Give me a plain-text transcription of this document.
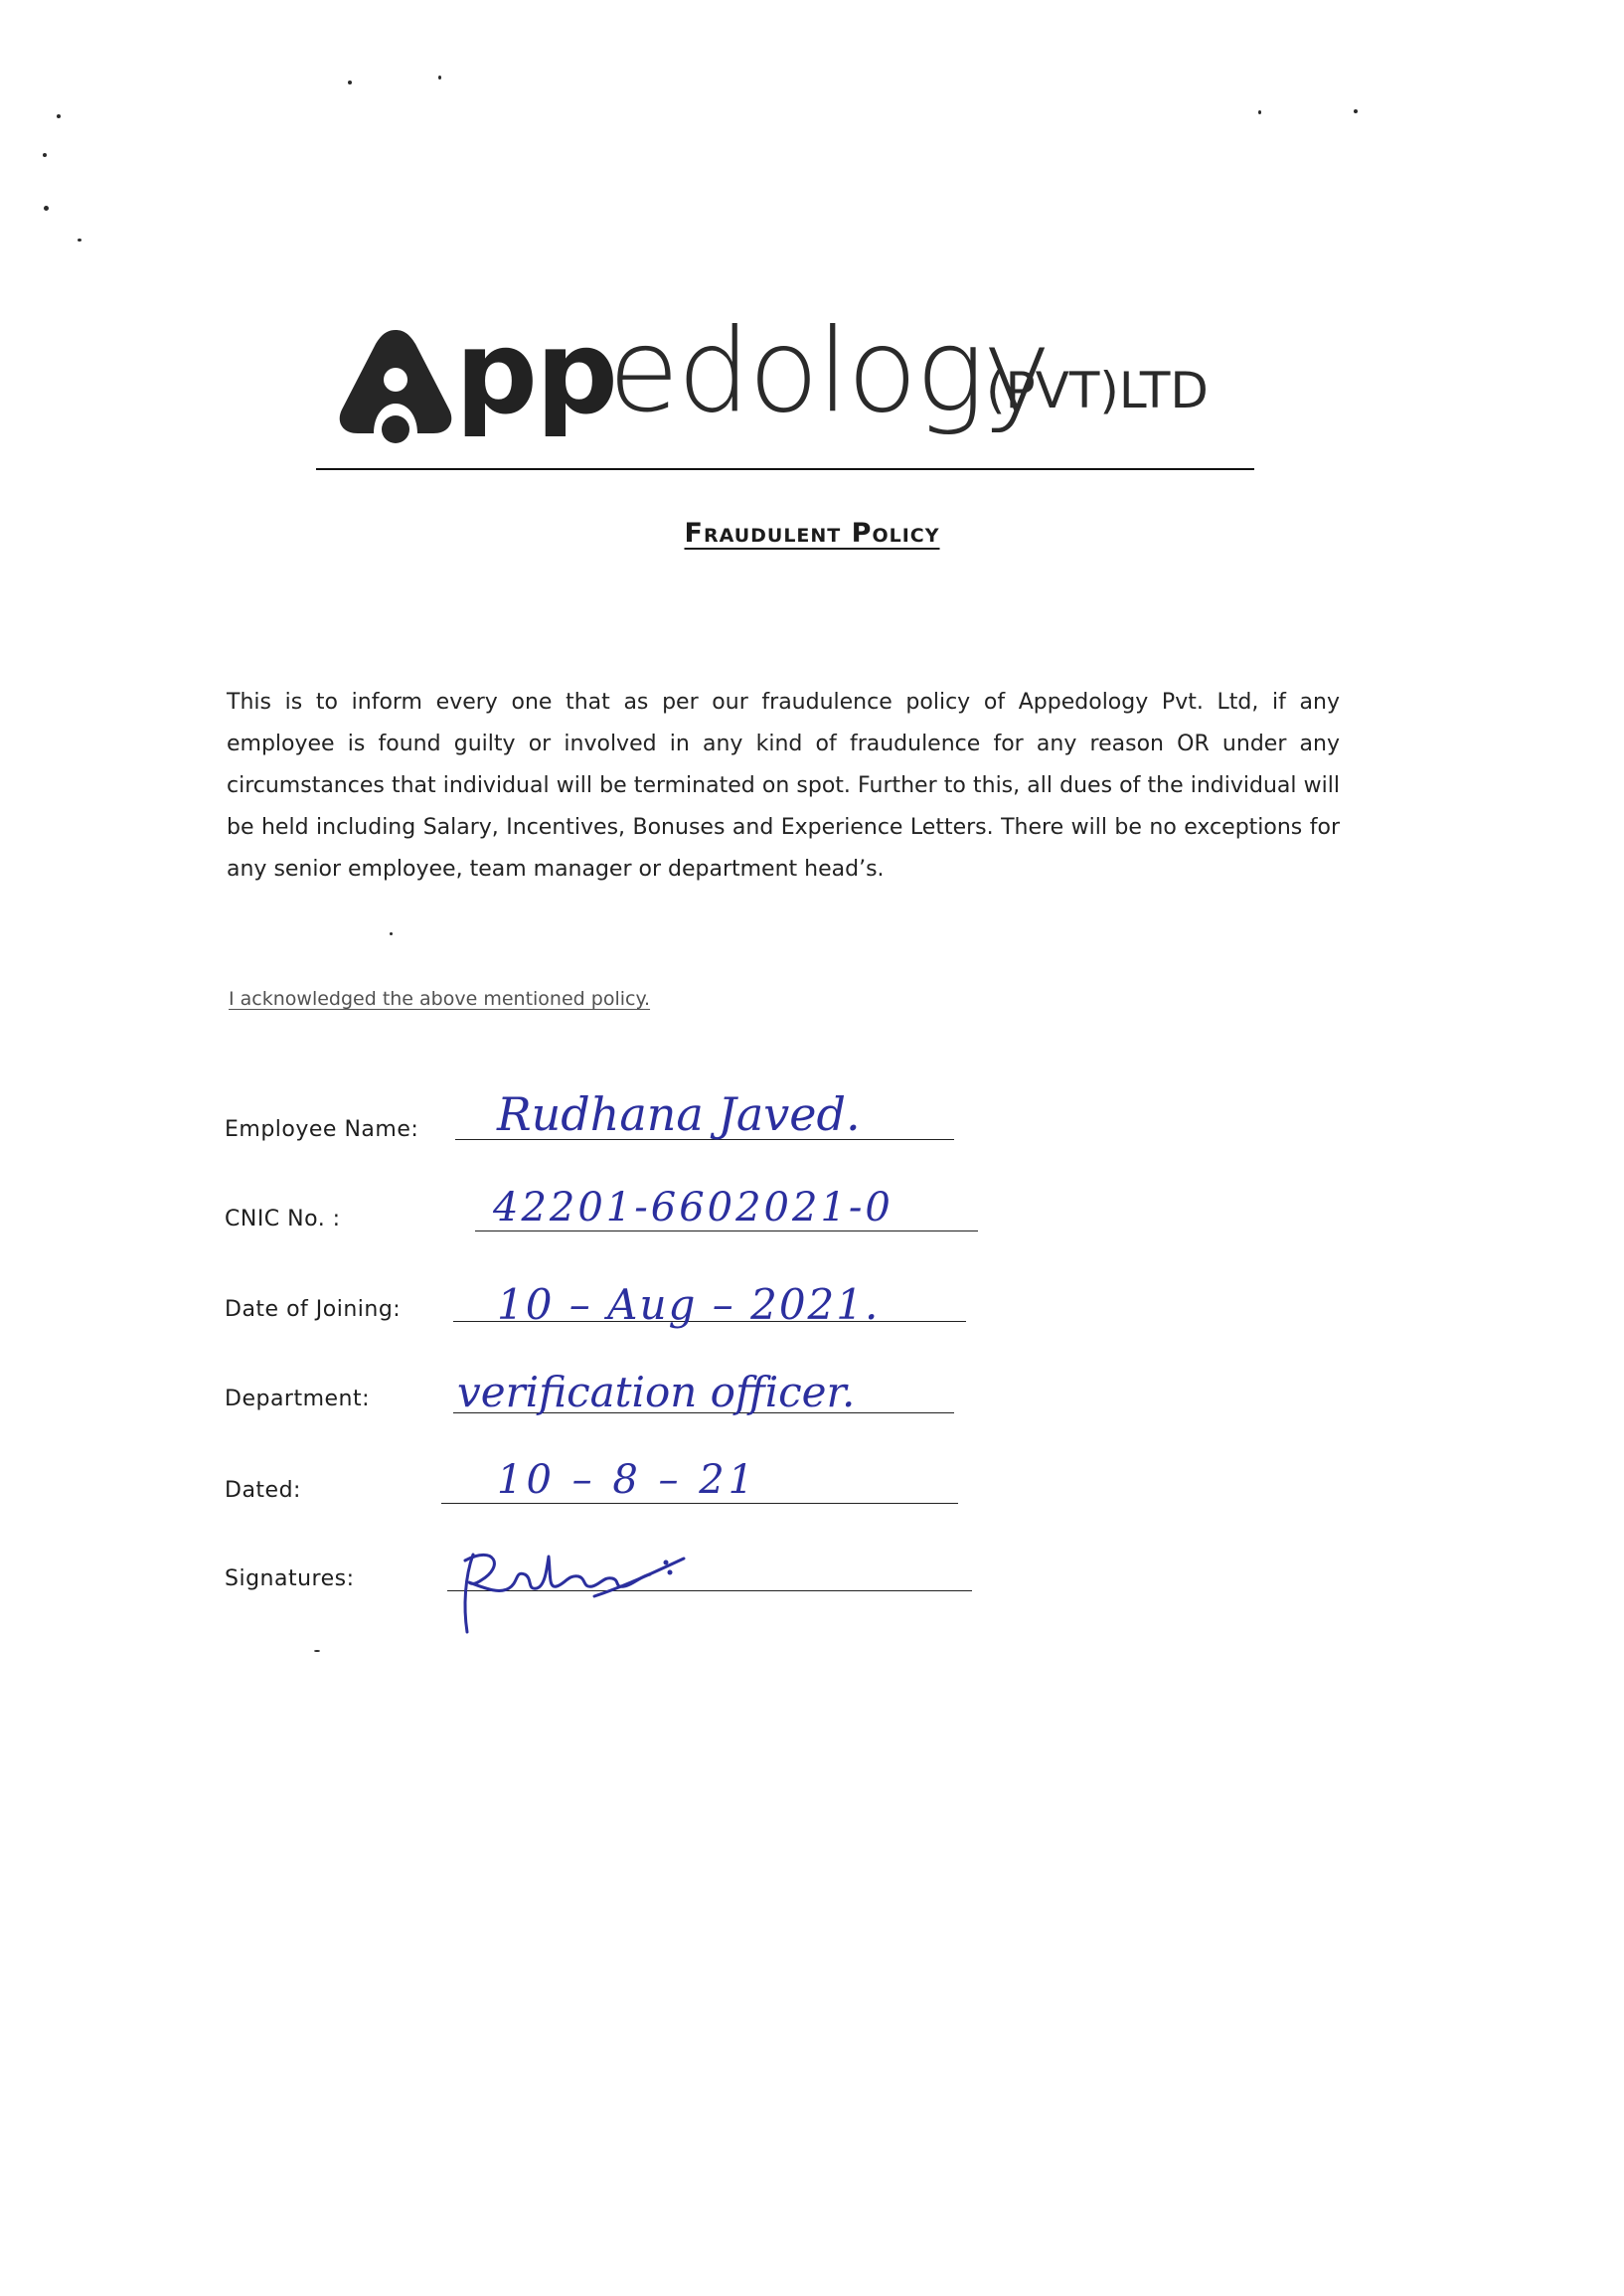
pp
edology
(PVT)LTD
Fraudulent Policy
This is to inform every one that as per our fraudulence policy of Appedology Pvt. Ltd, if any employee is found guilty or involved in any kind of fraudulence for any reason OR under any circumstances that individual will be terminated on spot. Further to this, all dues of the individual will be held including Salary, Incentives, Bonuses and Experience Letters. There will be no exceptions for any senior employee, team manager or department head’s.
I acknowledged the above mentioned policy.
Employee Name: Rudhana Javed.
CNIC No. :	42201-6602021-0
Date of Joining: 10 – Aug – 2021.
Department: verification officer.
Dated:	10 – 8 – 21
Signatures:
